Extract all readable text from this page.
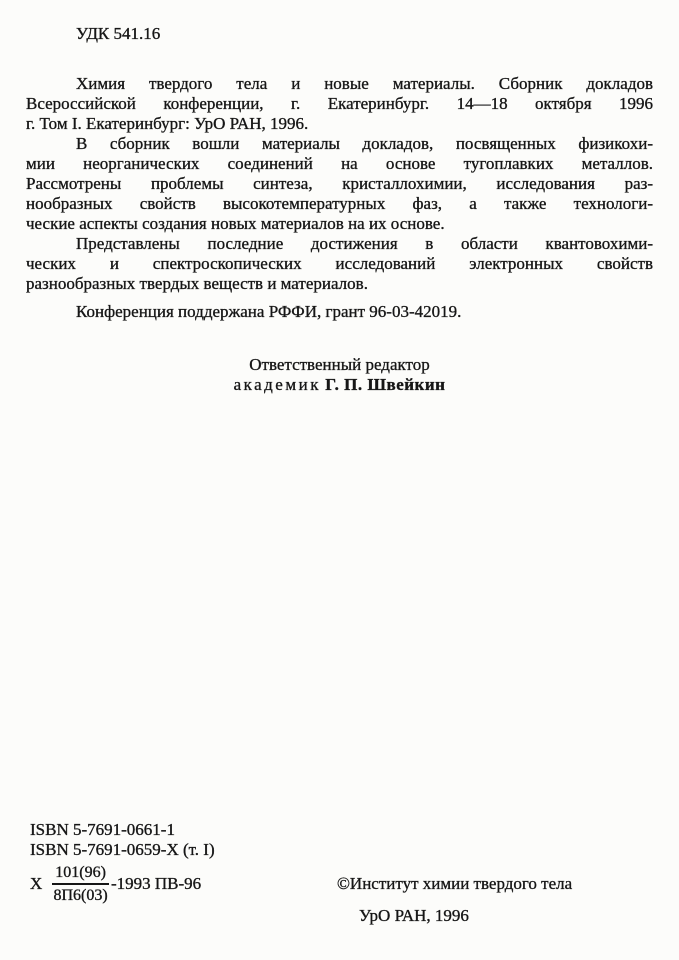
УДК 541.16
Химия твердого тела и новые материалы. Сборник докладов
Всероссийской конференции, г. Екатеринбург. 14—18 октября 1996
г. Том I. Екатеринбург: УрО РАН, 1996.
В сборник вошли материалы докладов, посвященных физикохи-
мии неорганических соединений на основе тугоплавких металлов.
Рассмотрены проблемы синтеза, кристаллохимии, исследования раз-
нообразных свойств высокотемпературных фаз, а также технологи-
ческие аспекты создания новых материалов на их основе.
Представлены последние достижения в области квантовохими-
ческих и спектроскопических исследований электронных свойств
разнообразных твердых веществ и материалов.
Конференция поддержана РФФИ, грант 96-03-42019.
Ответственный редактор
академик Г. П. Швейкин
ISBN 5-7691-0661-1
ISBN 5-7691-0659-X (т. I)
Х $\frac{101(96)}{8П6(03)} -1993$ ПВ-96	©Институт химии твердого тела
УрО РАН, 1996
